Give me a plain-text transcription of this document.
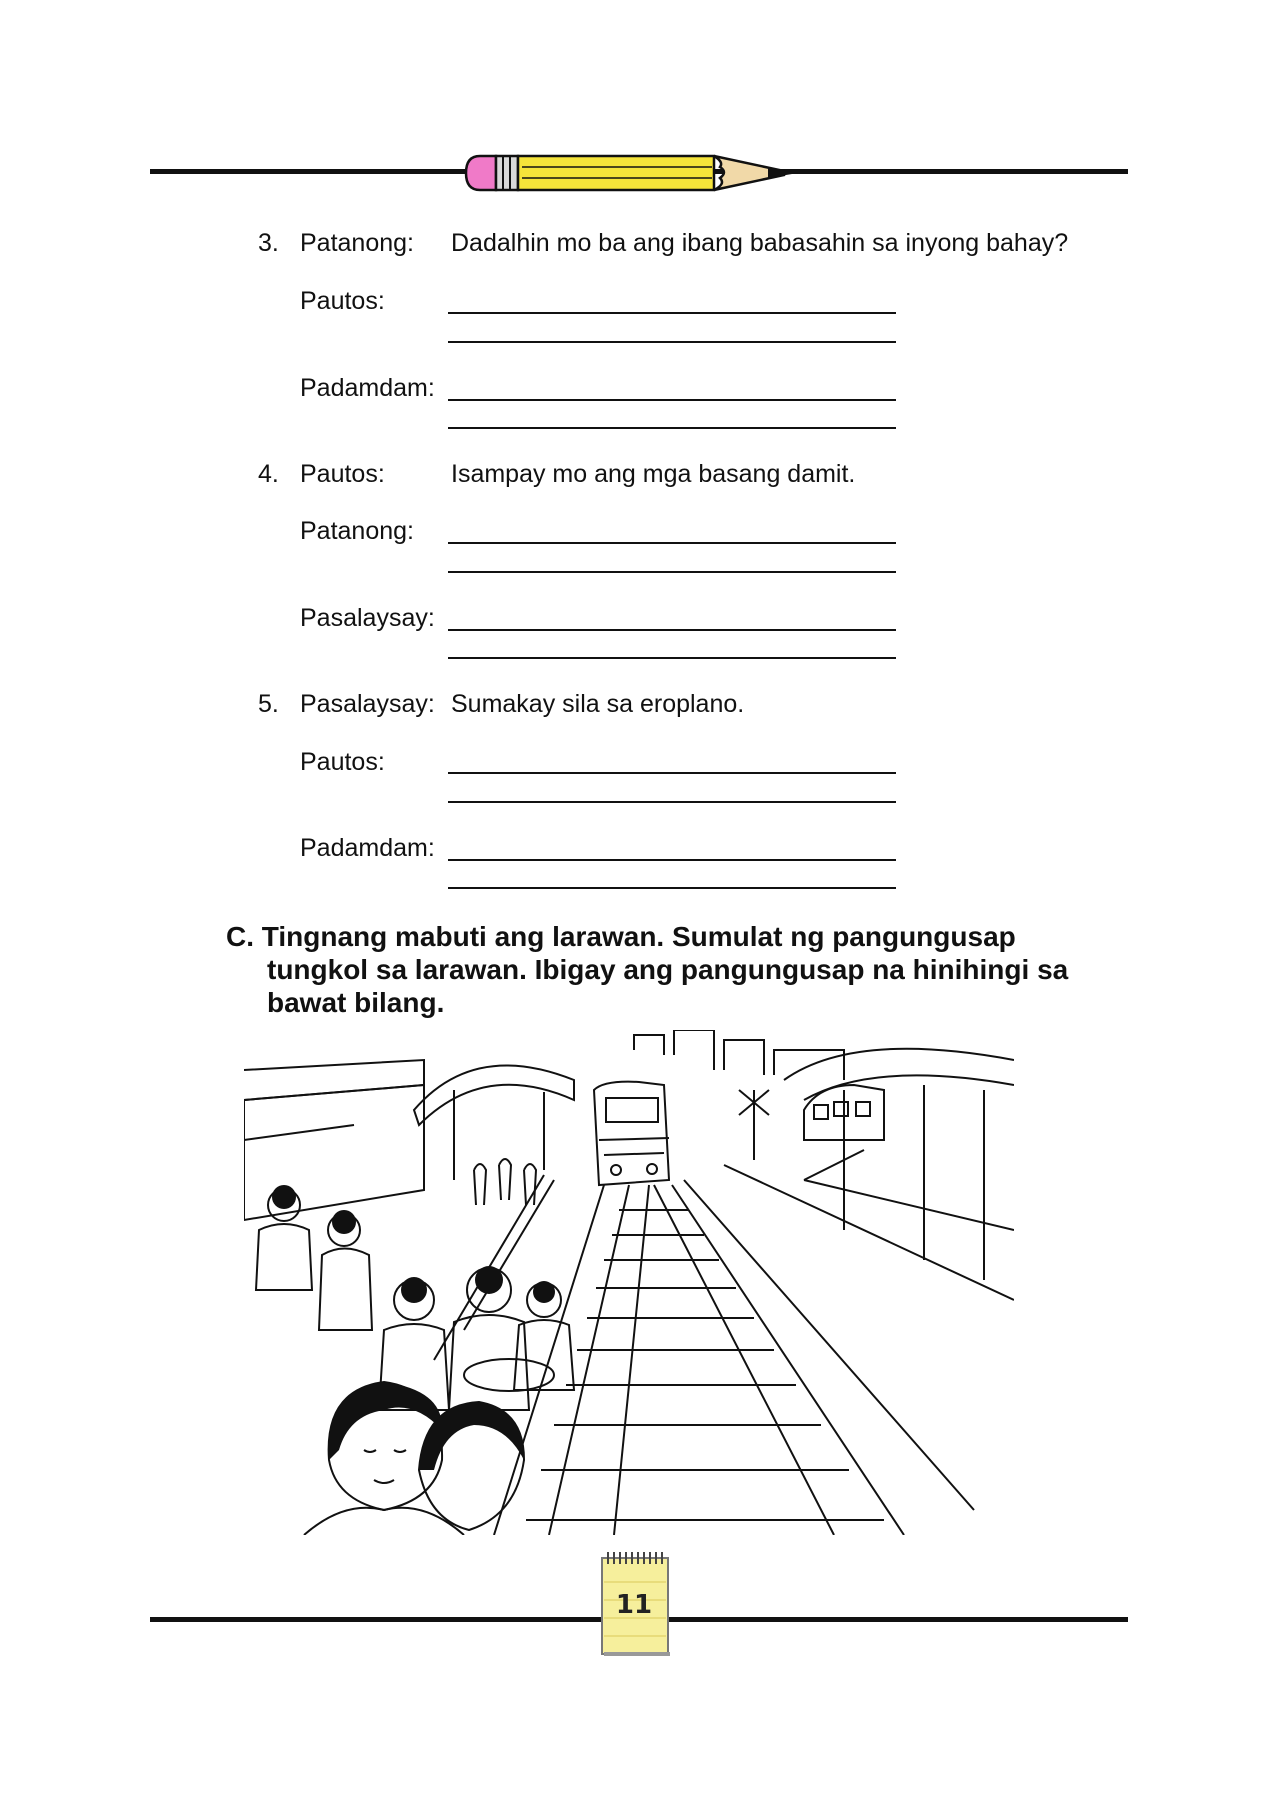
3. Patanong: Dadalhin mo ba ang ibang babasahin sa inyong bahay?
Pautos:
Padamdam:
4. Pautos:	Isampay mo ang mga basang damit.
Patanong:
Pasalaysay:
5. Pasalaysay: Sumakay sila sa eroplano.
Pautos:
Padamdam:
C. Tingnang mabuti ang larawan. Sumulat ng pangungusap
tungkol sa larawan. Ibigay ang pangungusap na hinihingi sa
bawat bilang.
11
